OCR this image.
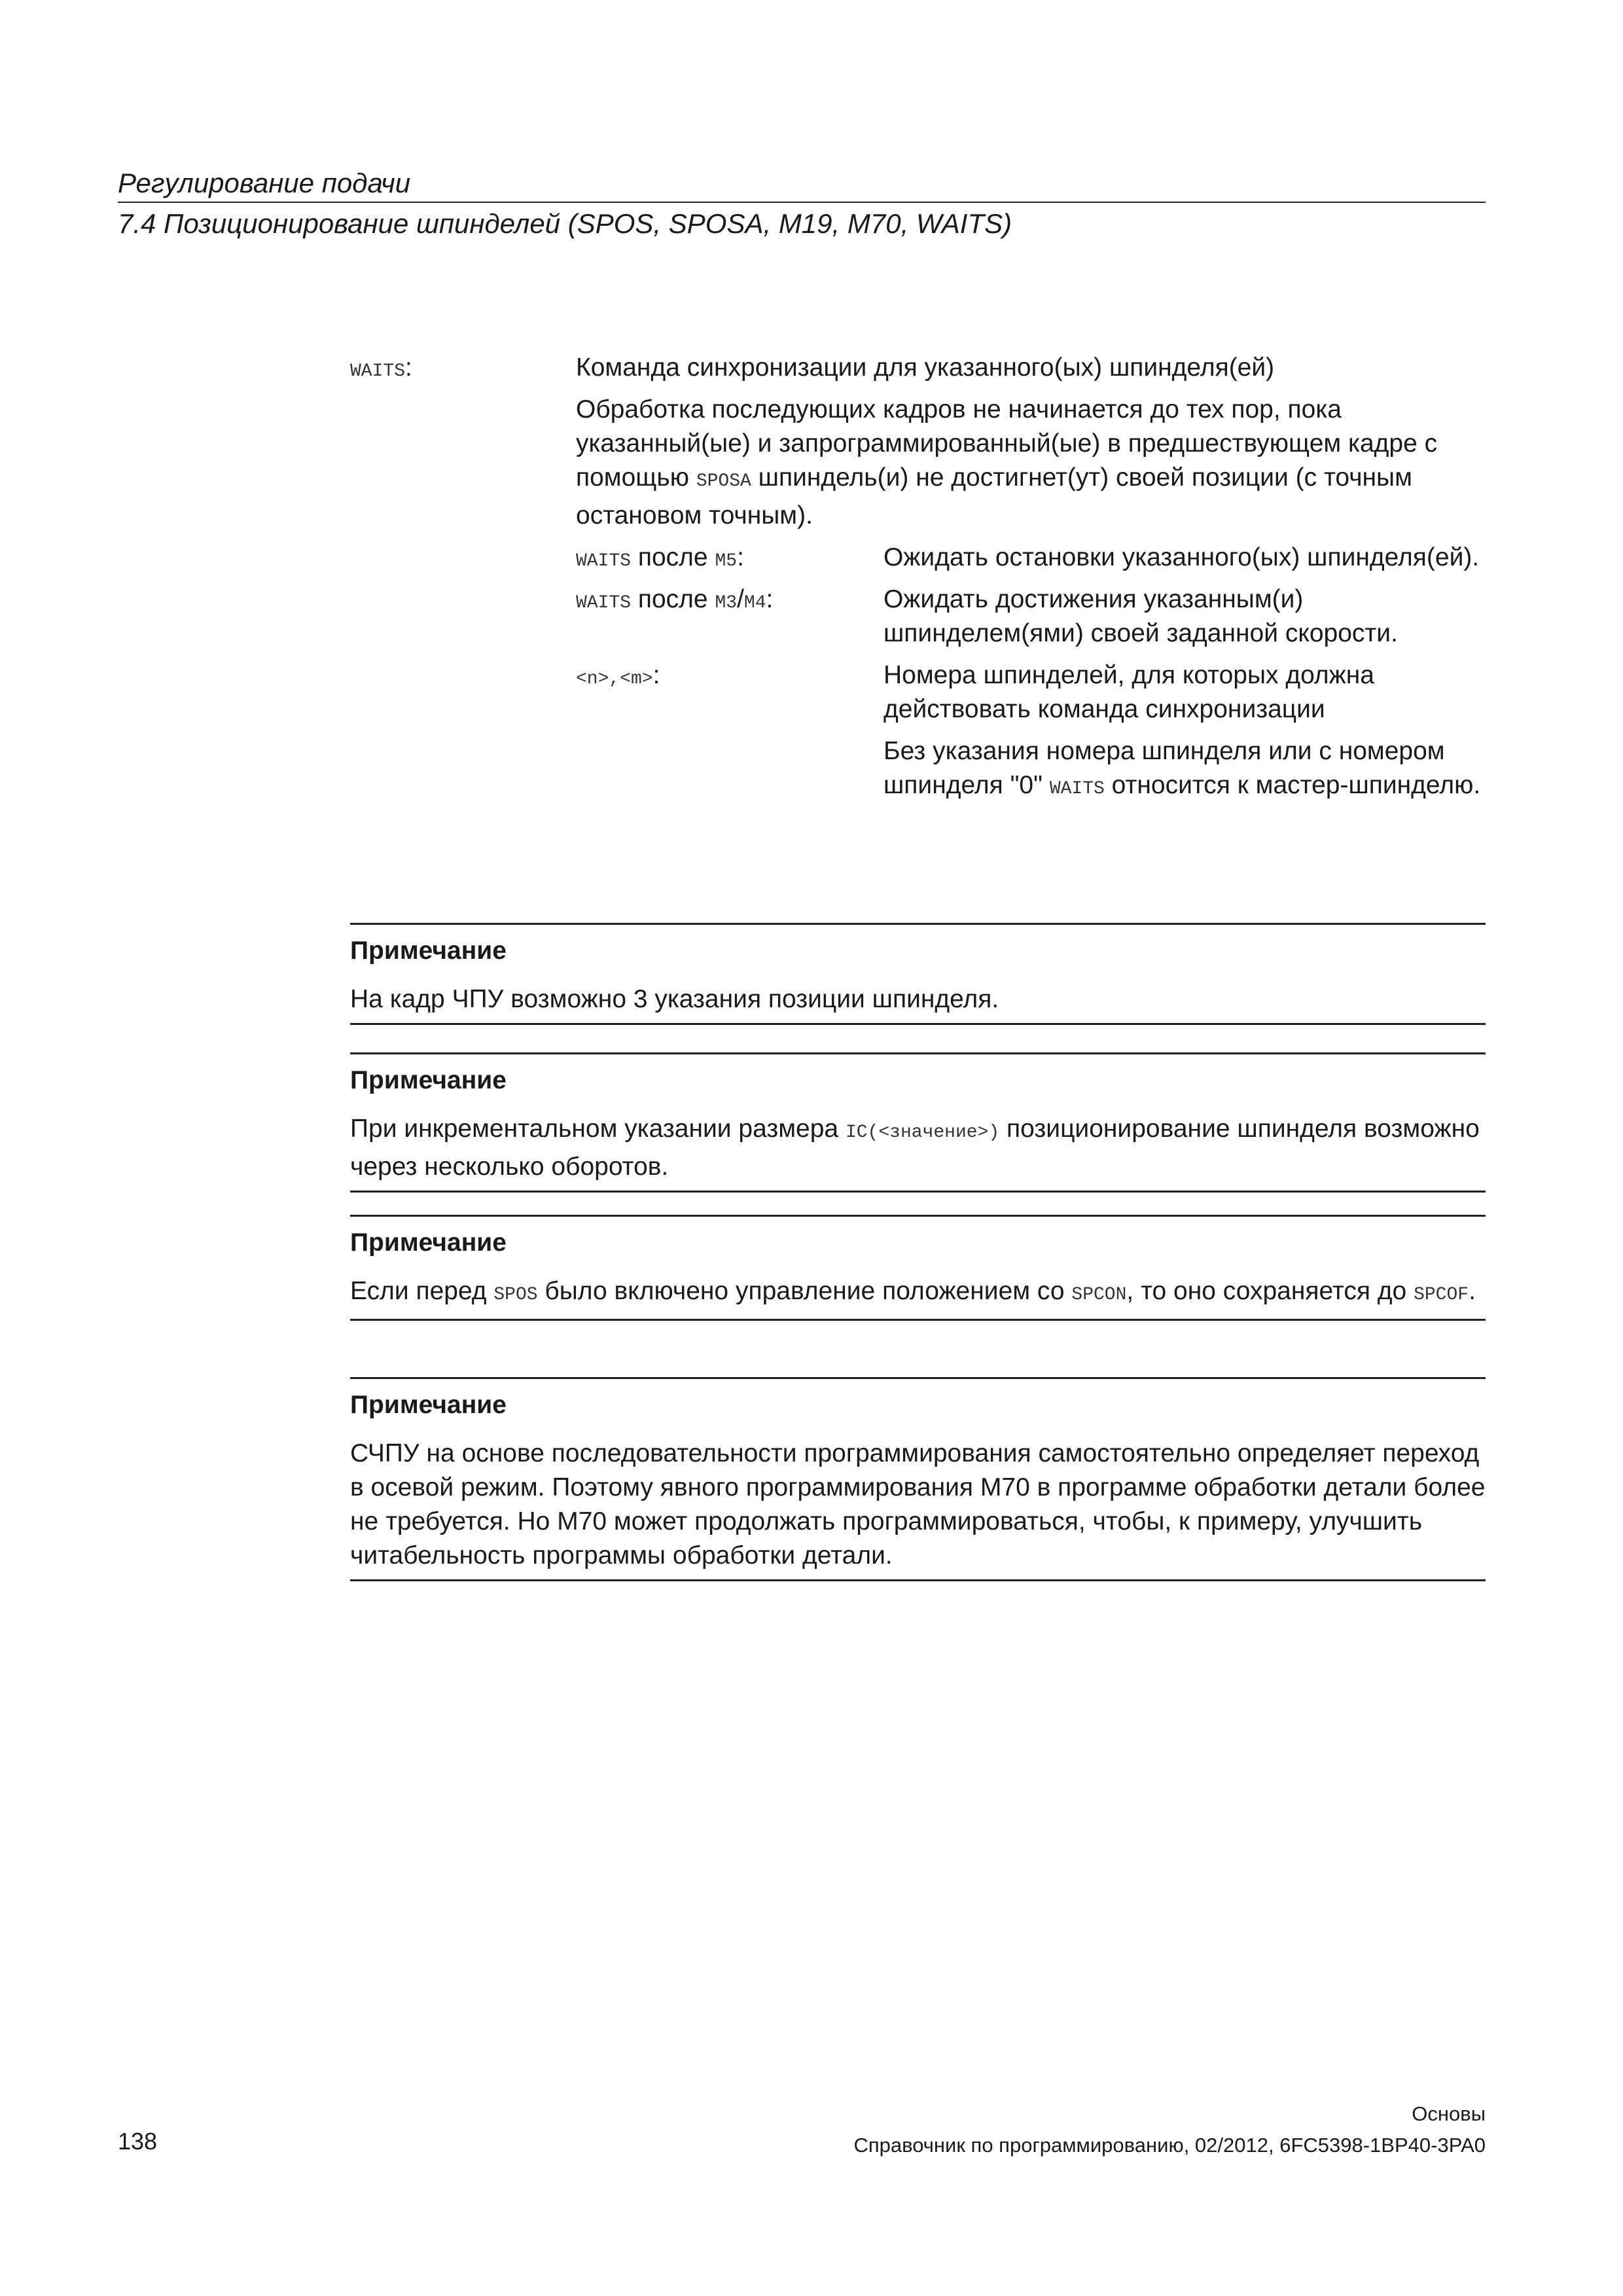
Регулирование подачи
7.4 Позиционирование шпинделей (SPOS, SPOSA, M19, M70, WAITS)
WAITS:	Команда синхронизации для указанного(ых) шпинделя(ей)

Обработка последующих кадров не начинается до тех пор, пока указанный(ые) и запрограммированный(ые) в предшествующем кадре с помощью SPOSA шпиндель(и) не достигнет(ут) своей позиции (с точным остановом точным).

WAITS после M5:	Ожидать остановки указанного(ых) шпинделя(ей).

WAITS после M3/M4:	Ожидать достижения указанным(и) шпинделем(ями) своей заданной скорости.

<n>,<m>:	Номера шпинделей, для которых должна действовать команда синхронизации

Без указания номера шпинделя или с номером шпинделя "0" WAITS относится к мастер-шпинделю.

Примечание
На кадр ЧПУ возможно 3 указания позиции шпинделя.
Примечание
При инкрементальном указании размера IC(<значение>) позиционирование шпинделя возможно через несколько оборотов.
Примечание
Если перед SPOS было включено управление положением со SPCON, то оно сохраняется до SPCOF.
Примечание
СЧПУ на основе последовательности программирования самостоятельно определяет переход в осевой режим. Поэтому явного программирования M70 в программе обработки детали более не требуется. Но M70 может продолжать программироваться, чтобы, к примеру, улучшить читабельность программы обработки детали.
138
Основы
Справочник по программированию, 02/2012, 6FC5398-1BP40-3PA0
